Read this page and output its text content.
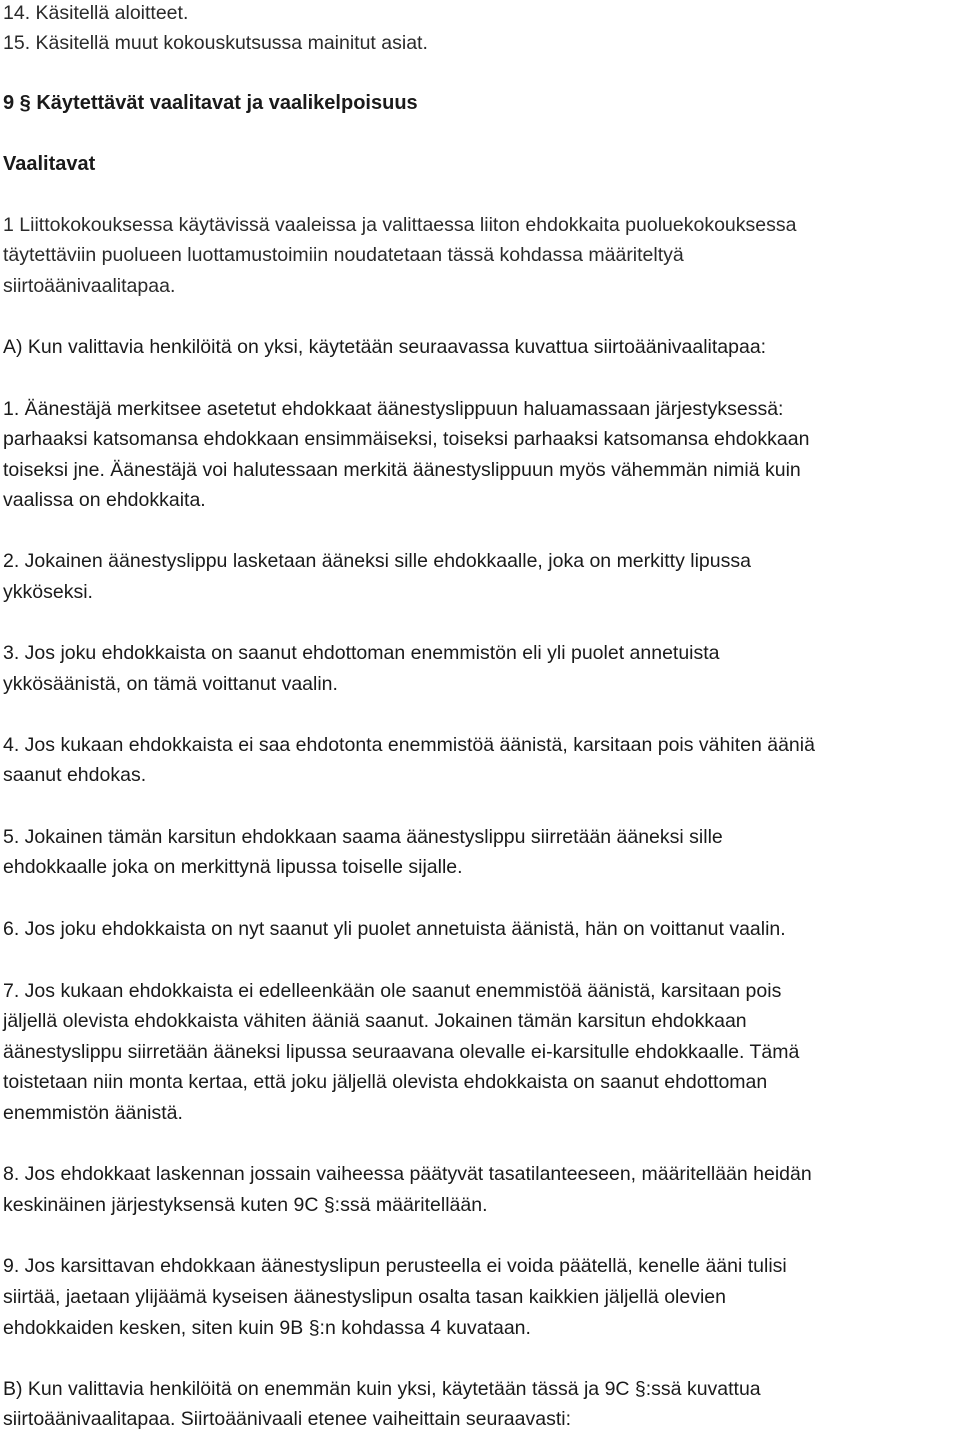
14. Käsitellä aloitteet.
15. Käsitellä muut kokouskutsussa mainitut asiat.
9 § Käytettävät vaalitavat ja vaalikelpoisuus
Vaalitavat
1 Liittokokouksessa käytävissä vaaleissa ja valittaessa liiton ehdokkaita puoluekokouksessa
täytettäviin puolueen luottamustoimiin noudatetaan tässä kohdassa määriteltyä
siirtoäänivaalitapaa.
A) Kun valittavia henkilöitä on yksi, käytetään seuraavassa kuvattua siirtoäänivaalitapaa:
1. Äänestäjä merkitsee asetetut ehdokkaat äänestyslippuun haluamassaan järjestyksessä:
parhaaksi katsomansa ehdokkaan ensimmäiseksi, toiseksi parhaaksi katsomansa ehdokkaan
toiseksi jne. Äänestäjä voi halutessaan merkitä äänestyslippuun myös vähemmän nimiä kuin
vaalissa on ehdokkaita.
2. Jokainen äänestyslippu lasketaan ääneksi sille ehdokkaalle, joka on merkitty lipussa
ykköseksi.
3. Jos joku ehdokkaista on saanut ehdottoman enemmistön eli yli puolet annetuista
ykkösäänistä, on tämä voittanut vaalin.
4. Jos kukaan ehdokkaista ei saa ehdotonta enemmistöä äänistä, karsitaan pois vähiten ääniä
saanut ehdokas.
5. Jokainen tämän karsitun ehdokkaan saama äänestyslippu siirretään ääneksi sille
ehdokkaalle joka on merkittynä lipussa toiselle sijalle.
6. Jos joku ehdokkaista on nyt saanut yli puolet annetuista äänistä, hän on voittanut vaalin.
7. Jos kukaan ehdokkaista ei edelleenkään ole saanut enemmistöä äänistä, karsitaan pois
jäljellä olevista ehdokkaista vähiten ääniä saanut. Jokainen tämän karsitun ehdokkaan
äänestyslippu siirretään ääneksi lipussa seuraavana olevalle ei-karsitulle ehdokkaalle. Tämä
toistetaan niin monta kertaa, että joku jäljellä olevista ehdokkaista on saanut ehdottoman
enemmistön äänistä.
8. Jos ehdokkaat laskennan jossain vaiheessa päätyvät tasatilanteeseen, määritellään heidän
keskinäinen järjestyksensä kuten 9C §:ssä määritellään.
9. Jos karsittavan ehdokkaan äänestyslipun perusteella ei voida päätellä, kenelle ääni tulisi
siirtää, jaetaan ylijäämä kyseisen äänestyslipun osalta tasan kaikkien jäljellä olevien
ehdokkaiden kesken, siten kuin 9B §:n kohdassa 4 kuvataan.
B) Kun valittavia henkilöitä on enemmän kuin yksi, käytetään tässä ja 9C §:ssä kuvattua
siirtoäänivaalitapaa. Siirtoäänivaali etenee vaiheittain seuraavasti:
